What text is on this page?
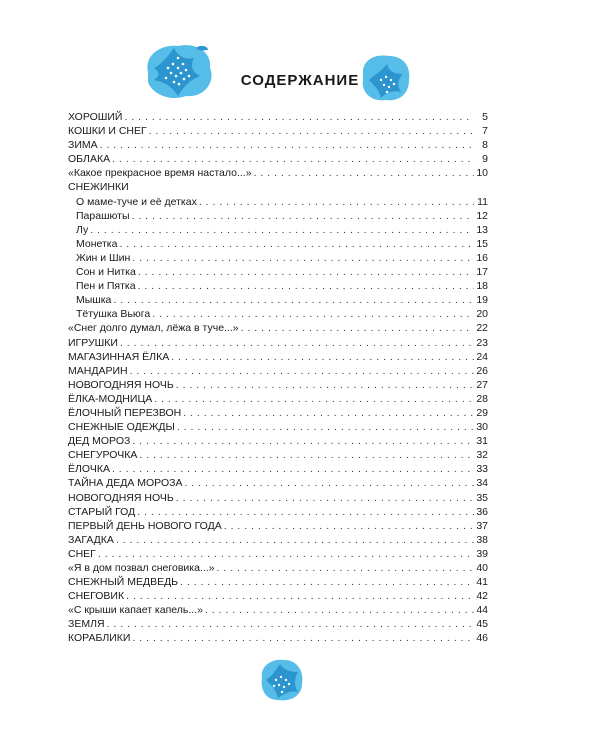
СОДЕРЖАНИЕ
ХОРОШИЙ . . .	5
КОШКИ И СНЕГ . . .	7
ЗИМА . . .	8
ОБЛАКА . . .	9
«Какое прекрасное время настало...» . . .	10
СНЕЖИНКИ
О маме-туче и её детках . . .	11
Парашюты . . .	12
Лу . . .	13
Монетка . . .	15
Жин и Шин . . .	16
Сон и Нитка . . .	17
Пен и Пятка . . .	18
Мышка . . .	19
Тётушка Вьюга . . .	20
«Снег долго думал, лёжа в туче...» . . .	22
ИГРУШКИ . . .	23
МАГАЗИННАЯ ЁЛКА . . .	24
МАНДАРИН . . .	26
НОВОГОДНЯЯ НОЧЬ . . .	27
ЁЛКА-МОДНИЦА . . .	28
ЁЛОЧНЫЙ ПЕРЕЗВОН . . .	29
СНЕЖНЫЕ ОДЕЖДЫ . . .	30
ДЕД МОРОЗ . . .	31
СНЕГУРОЧКА . . .	32
ЁЛОЧКА . . .	33
ТАЙНА ДЕДА МОРОЗА . . .	34
НОВОГОДНЯЯ НОЧЬ . . .	35
СТАРЫЙ ГОД . . .	36
ПЕРВЫЙ ДЕНЬ НОВОГО ГОДА . . .	37
ЗАГАДКА . . .	38
СНЕГ . . .	39
«Я в дом позвал снеговика...» . . .	40
СНЕЖНЫЙ МЕДВЕДЬ . . .	41
СНЕГОВИК . . .	42
«С крыши капает капель...» . . .	44
ЗЕМЛЯ . . .	45
КОРАБЛИКИ . . .	46
